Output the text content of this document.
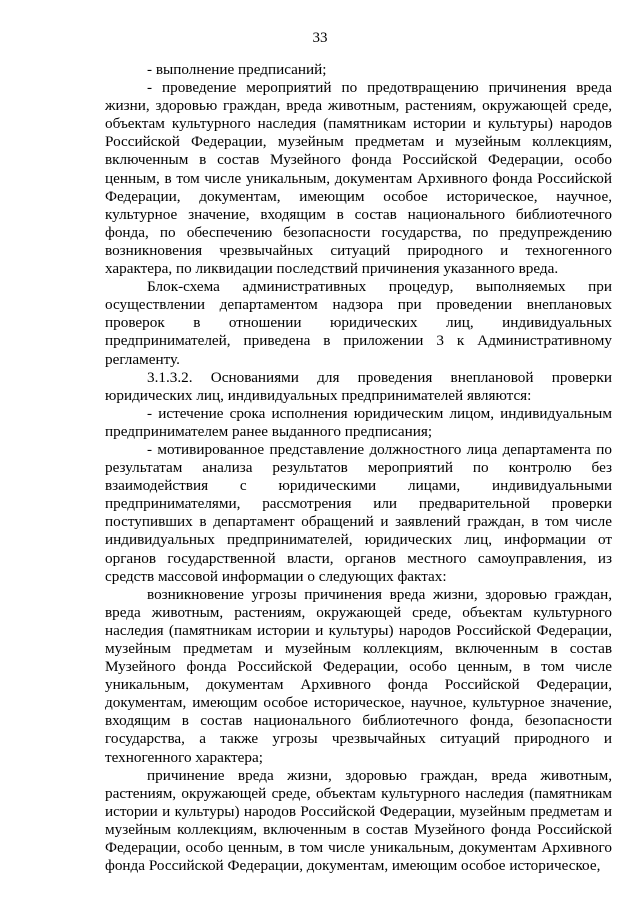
33

- выполнение предписаний;

- проведение мероприятий по предотвращению причинения вреда жизни, здоровью граждан, вреда животным, растениям, окружающей среде, объектам культурного наследия (памятникам истории и культуры) народов Российской Федерации, музейным предметам и музейным коллекциям, включенным в состав Музейного фонда Российской Федерации, особо ценным, в том числе уникальным, документам Архивного фонда Российской Федерации, документам, имеющим особое историческое, научное, культурное значение, входящим в состав национального библиотечного фонда, по обеспечению безопасности государства, по предупреждению возникновения чрезвычайных ситуаций природного и техногенного характера, по ликвидации последствий причинения указанного вреда.

Блок-схема административных процедур, выполняемых при осуществлении департаментом надзора при проведении внеплановых проверок в отношении юридических лиц, индивидуальных предпринимателей, приведена в приложении 3 к Административному регламенту.

3.1.3.2. Основаниями для проведения внеплановой проверки юридических лиц, индивидуальных предпринимателей являются:

- истечение срока исполнения юридическим лицом, индивидуальным предпринимателем ранее выданного предписания;

- мотивированное представление должностного лица департамента по результатам анализа результатов мероприятий по контролю без взаимодействия с юридическими лицами, индивидуальными предпринимателями, рассмотрения или предварительной проверки поступивших в департамент обращений и заявлений граждан, в том числе индивидуальных предпринимателей, юридических лиц, информации от органов государственной власти, органов местного самоуправления, из средств массовой информации о следующих фактах:

возникновение угрозы причинения вреда жизни, здоровью граждан, вреда животным, растениям, окружающей среде, объектам культурного наследия (памятникам истории и культуры) народов Российской Федерации, музейным предметам и музейным коллекциям, включенным в состав Музейного фонда Российской Федерации, особо ценным, в том числе уникальным, документам Архивного фонда Российской Федерации, документам, имеющим особое историческое, научное, культурное значение, входящим в состав национального библиотечного фонда, безопасности государства, а также угрозы чрезвычайных ситуаций природного и техногенного характера;

причинение вреда жизни, здоровью граждан, вреда животным, растениям, окружающей среде, объектам культурного наследия (памятникам истории и культуры) народов Российской Федерации, музейным предметам и музейным коллекциям, включенным в состав Музейного фонда Российской Федерации, особо ценным, в том числе уникальным, документам Архивного фонда Российской Федерации, документам, имеющим особое историческое,
